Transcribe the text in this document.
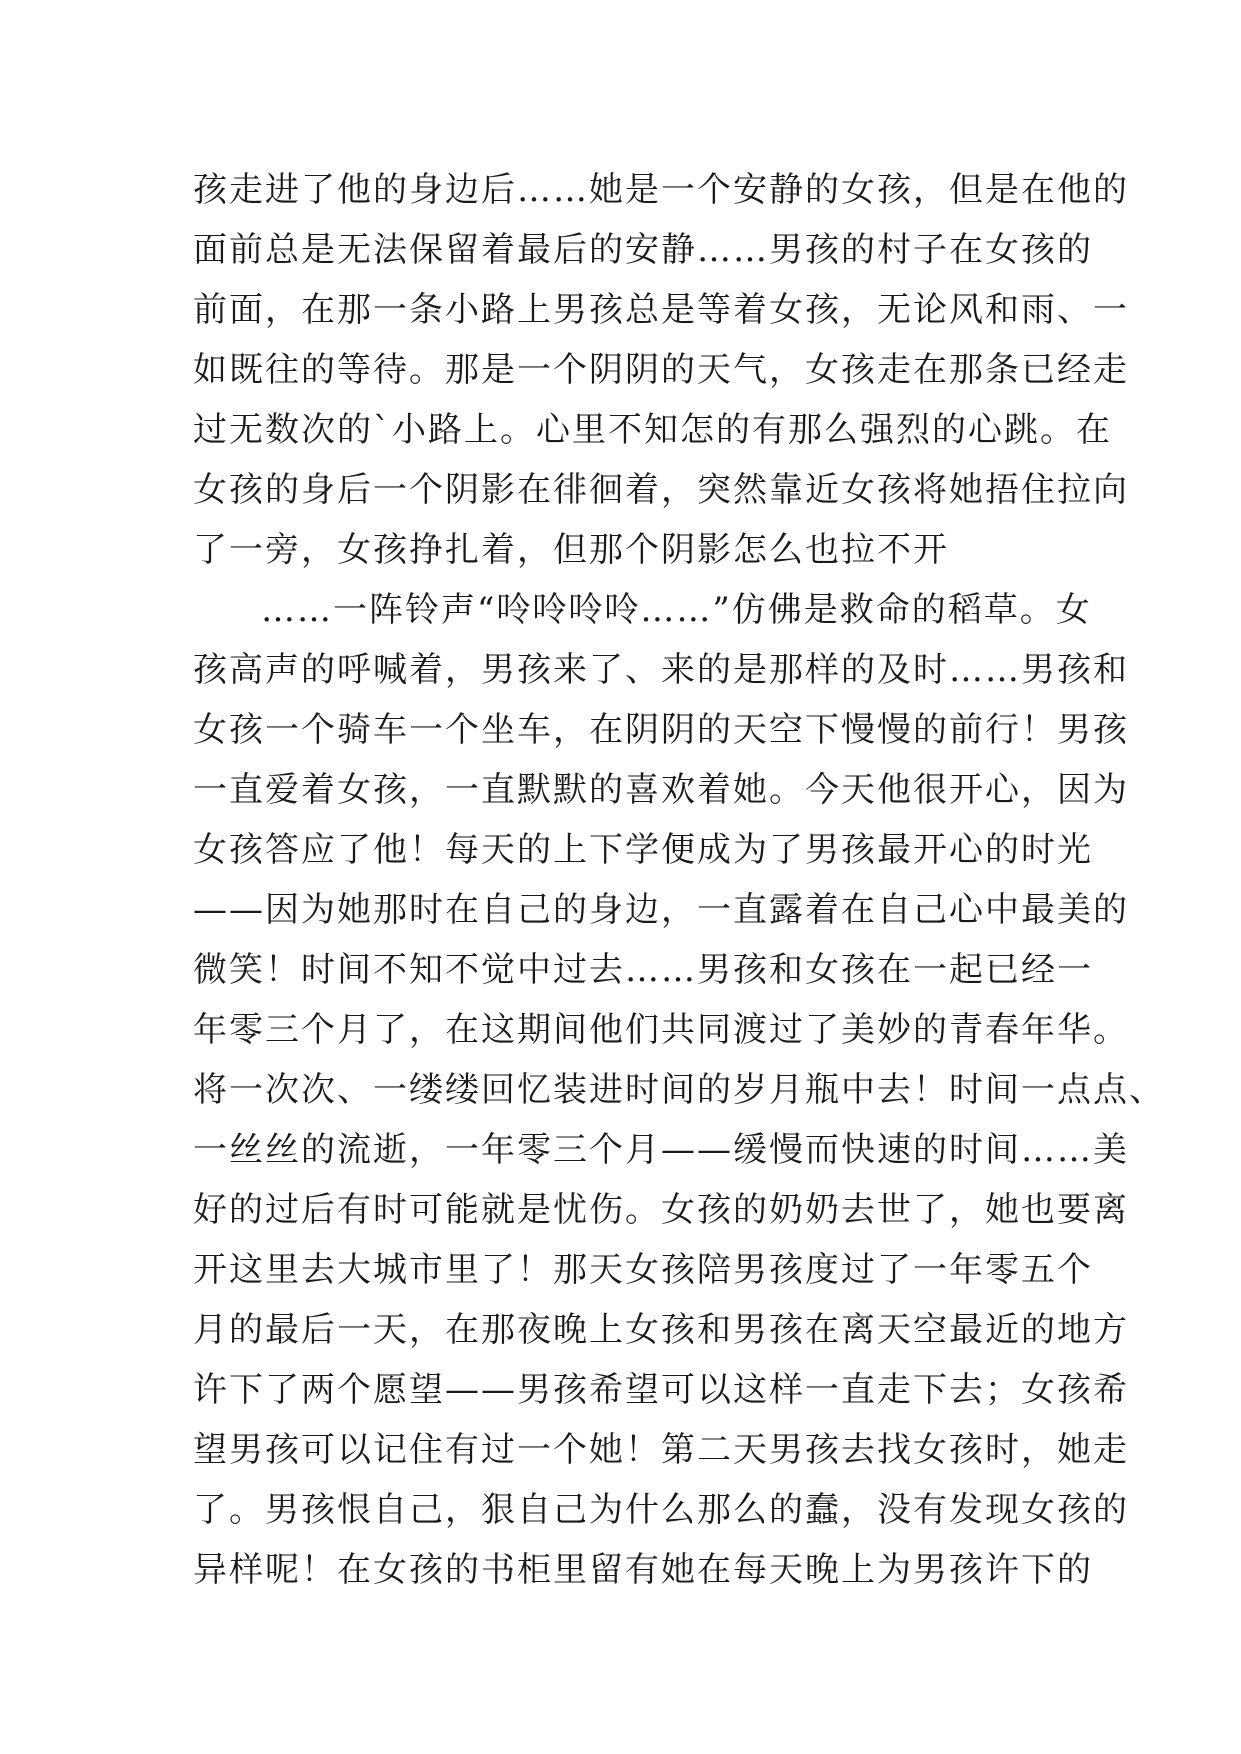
孩走进了他的身边后……她是一个安静的女孩，但是在他的
面前总是无法保留着最后的安静……男孩的村子在女孩的
前面，在那一条小路上男孩总是等着女孩，无论风和雨、一
如既往的等待。那是一个阴阴的天气，女孩走在那条已经走
过无数次的`小路上。心里不知怎的有那么强烈的心跳。在
女孩的身后一个阴影在徘徊着，突然靠近女孩将她捂住拉向
了一旁，女孩挣扎着，但那个阴影怎么也拉不开
……一阵铃声“呤呤呤呤……”仿佛是救命的稻草。女
孩高声的呼喊着，男孩来了、来的是那样的及时……男孩和
女孩一个骑车一个坐车，在阴阴的天空下慢慢的前行！男孩
一直爱着女孩，一直默默的喜欢着她。今天他很开心，因为
女孩答应了他！每天的上下学便成为了男孩最开心的时光
——因为她那时在自己的身边，一直露着在自己心中最美的
微笑！时间不知不觉中过去……男孩和女孩在一起已经一
年零三个月了，在这期间他们共同渡过了美妙的青春年华。
将一次次、一缕缕回忆装进时间的岁月瓶中去！时间一点点、
一丝丝的流逝，一年零三个月——缓慢而快速的时间……美
好的过后有时可能就是忧伤。女孩的奶奶去世了，她也要离
开这里去大城市里了！那天女孩陪男孩度过了一年零五个
月的最后一天，在那夜晚上女孩和男孩在离天空最近的地方
许下了两个愿望——男孩希望可以这样一直走下去；女孩希
望男孩可以记住有过一个她！第二天男孩去找女孩时，她走
了。男孩恨自己，狠自己为什么那么的蠢，没有发现女孩的
异样呢！在女孩的书柜里留有她在每天晚上为男孩许下的
